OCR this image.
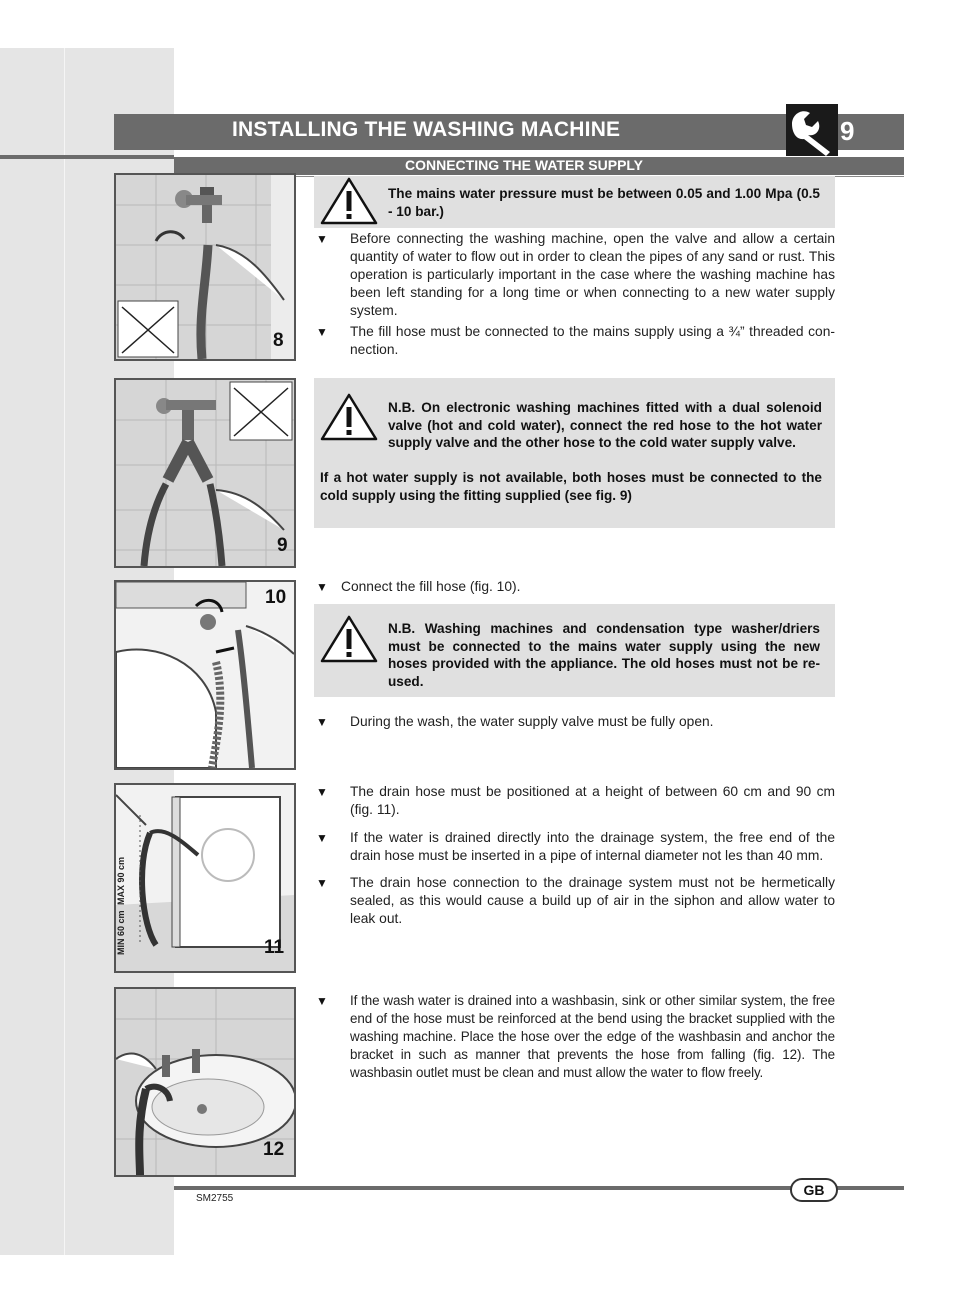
INSTALLING THE WASHING MACHINE	9
CONNECTING THE WATER SUPPLY
8
The mains water pressure must be between 0.05 and 1.00 Mpa (0.5 - 10 bar.)
▼ Before connecting the washing machine, open the valve and allow a certain quantity of water to flow out in order to clean the pipes of any sand or rust. This operation is particularly important in the case where the washing machine has been left standing for a long time or when connecting to a new water supply system.
▼ The fill hose must be connected to the mains supply using a ¾” threaded con-nection.
9
N.B. On electronic washing machines fitted with a dual solenoid valve (hot and cold water), connect the red hose to the hot water supply valve and the other hose to the cold water supply valve.
If a hot water supply is not available, both hoses must be connected to the cold supply using the fitting supplied (see fig. 9)
10 ▼ Connect the fill hose (fig. 10).
N.B. Washing machines and condensation type washer/driers must be connected to the mains water supply using the new hoses provided with the appliance. The old hoses must not be re-used.
▼ During the wash, the water supply valve must be fully open.
11
▼ The drain hose must be positioned at a height of between 60 cm and 90 cm (fig. 11).
▼ If the water is drained directly into the drainage system, the free end of the drain hose must be inserted in a pipe of internal diameter not les than 40 mm.
▼ The drain hose connection to the drainage system must not be hermetically sealed, as this would cause a build up of air in the siphon and allow water to leak out.
12
▼ If the wash water is drained into a washbasin, sink or other similar system, the free end of the hose must be reinforced at the bend using the bracket supplied with the washing machine. Place the hose over the edge of the washbasin and anchor the bracket in such as manner that prevents the hose from falling (fig. 12). The washbasin outlet must be clean and must allow the water to flow freely.
GB
SM2755
